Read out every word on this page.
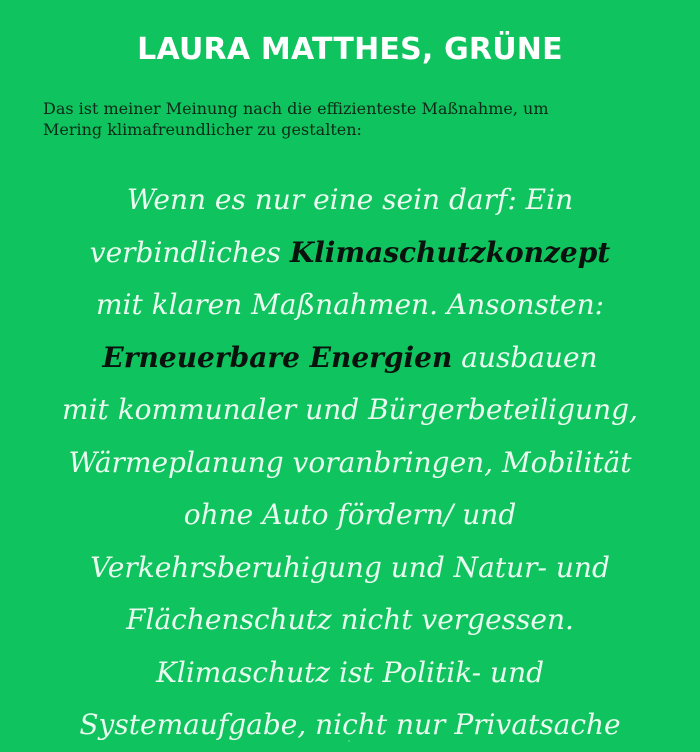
LAURA MATTHES, GRÜNE

Das ist meiner Meinung nach die effizienteste Maßnahme, um
Mering klimafreundlicher zu gestalten:

Wenn es nur eine sein darf: Ein
verbindliches Klimaschutzkonzept
mit klaren Maßnahmen. Ansonsten:
Erneuerbare Energien ausbauen
mit kommunaler und Bürgerbeteiligung,
Wärmeplanung voranbringen, Mobilität
ohne Auto fördern/ und
Verkehrsberuhigung und Natur- und
Flächenschutz nicht vergessen.
Klimaschutz ist Politik- und
Systemaufgabe, nicht nur Privatsache

˙
